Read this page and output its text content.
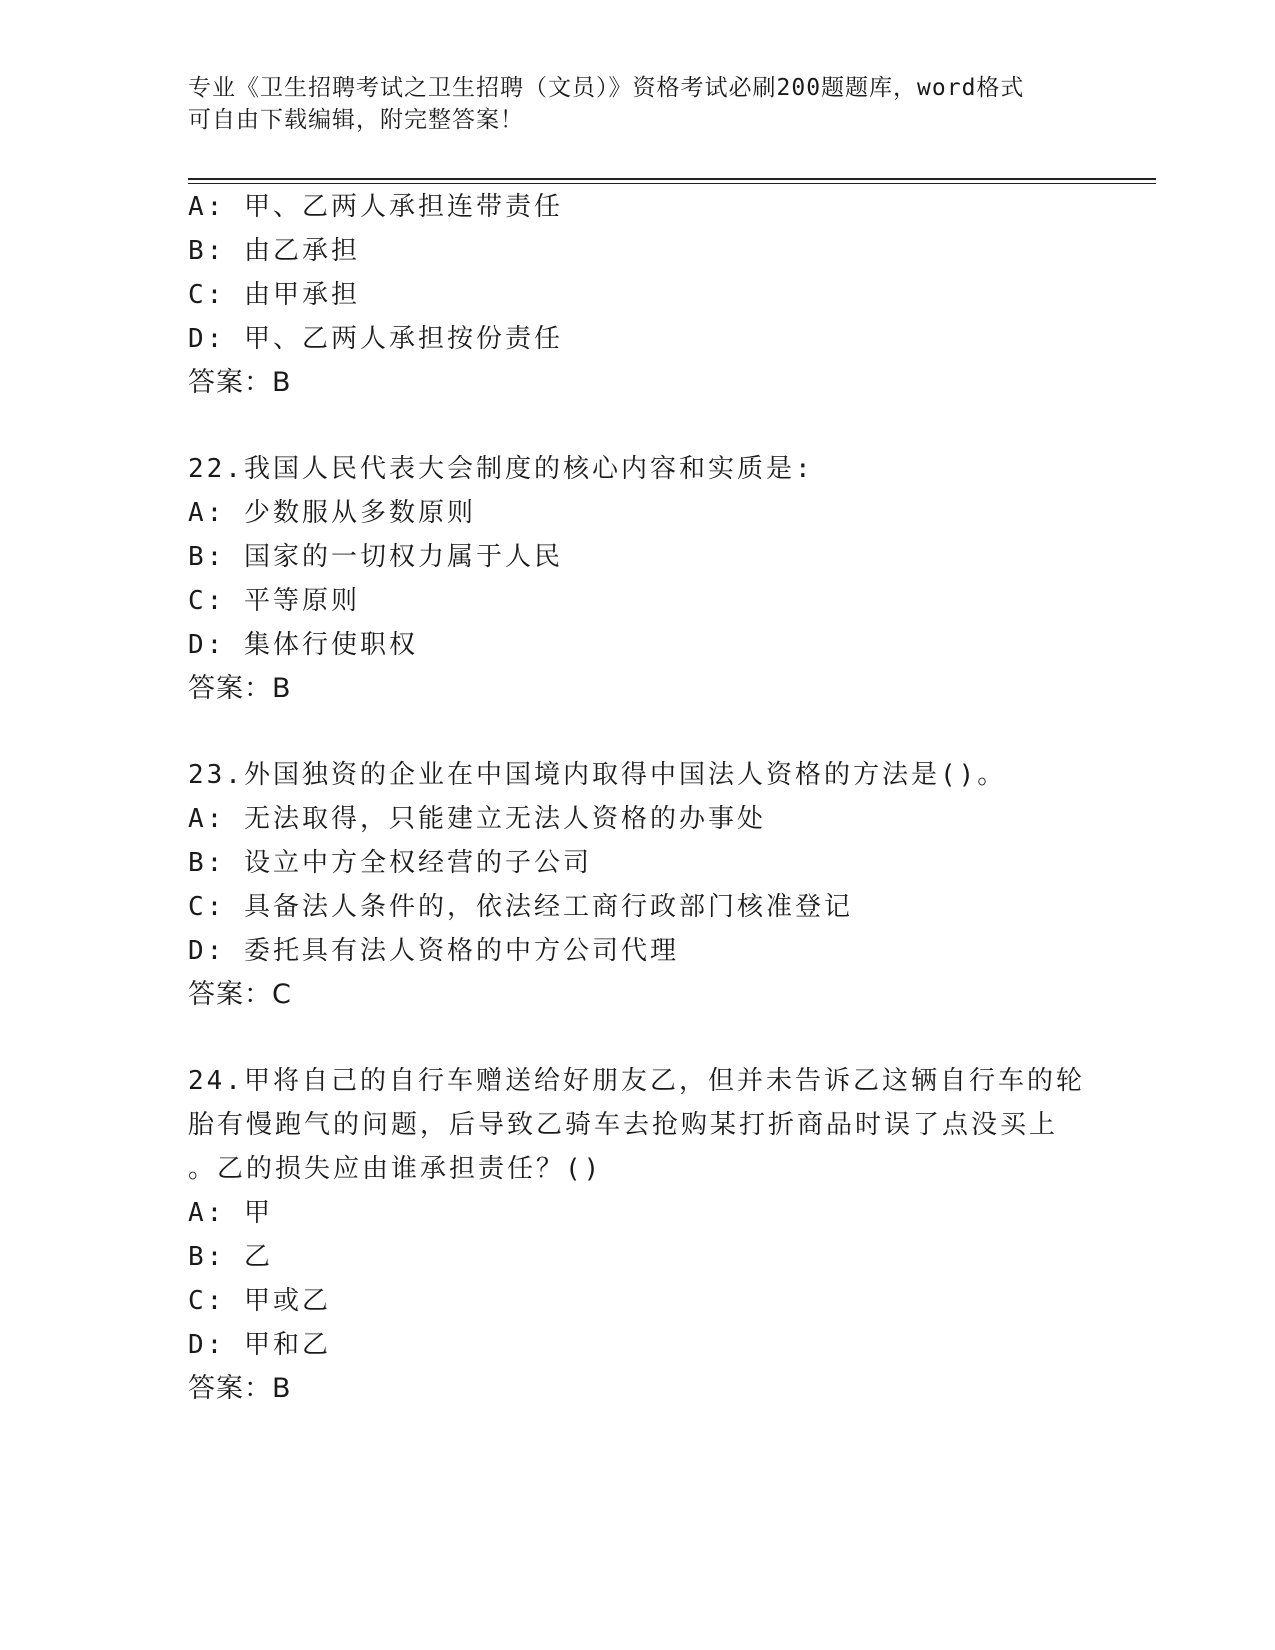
专业《卫生招聘考试之卫生招聘（文员）》资格考试必刷200题题库，word格式
可自由下载编辑，附完整答案！
A: 甲、乙两人承担连带责任
B: 由乙承担
C: 由甲承担
D: 甲、乙两人承担按份责任
答案：B
22.我国人民代表大会制度的核心内容和实质是:
A: 少数服从多数原则
B: 国家的一切权力属于人民
C: 平等原则
D: 集体行使职权
答案：B
23.外国独资的企业在中国境内取得中国法人资格的方法是()。
A: 无法取得，只能建立无法人资格的办事处
B: 设立中方全权经营的子公司
C: 具备法人条件的，依法经工商行政部门核准登记
D: 委托具有法人资格的中方公司代理
答案：C
24.甲将自己的自行车赠送给好朋友乙，但并未告诉乙这辆自行车的轮
胎有慢跑气的问题，后导致乙骑车去抢购某打折商品时误了点没买上
。乙的损失应由谁承担责任？()
A: 甲
B: 乙
C: 甲或乙
D: 甲和乙
答案：B
